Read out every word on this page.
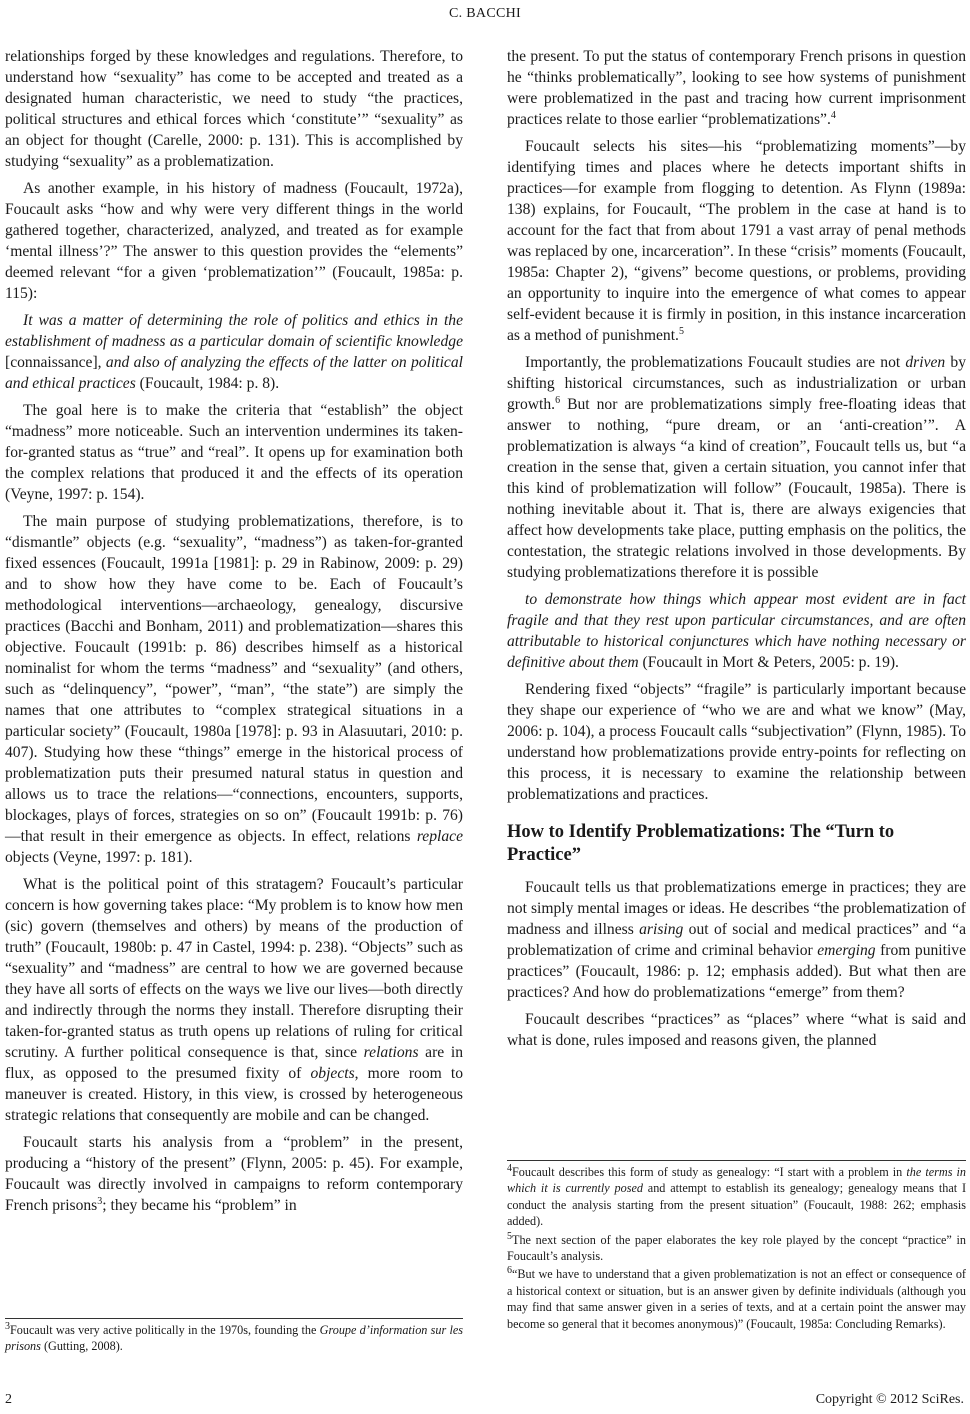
C. BACCHI

relationships forged by these knowledges and regulations. Therefore, to understand how “sexuality” has come to be accepted and treated as a designated human characteristic, we need to study “the practices, political structures and ethical forces which ‘constitute’” “sexuality” as an object for thought (Carelle, 2000: p. 131). This is accomplished by studying “sexuality” as a problematization.

As another example, in his history of madness (Foucault, 1972a), Foucault asks “how and why were very different things in the world gathered together, characterized, analyzed, and treated as for example ‘mental illness’?” The answer to this question provides the “elements” deemed relevant “for a given ‘problematization’” (Foucault, 1985a: p. 115):

It was a matter of determining the role of politics and ethics in the establishment of madness as a particular domain of scientific knowledge [connaissance], and also of analyzing the effects of the latter on political and ethical practices (Foucault, 1984: p. 8).

The goal here is to make the criteria that “establish” the object “madness” more noticeable. Such an intervention undermines its taken-for-granted status as “true” and “real”. It opens up for examination both the complex relations that produced it and the effects of its operation (Veyne, 1997: p. 154).

The main purpose of studying problematizations, therefore, is to “dismantle” objects (e.g. “sexuality”, “madness”) as taken-for-granted fixed essences (Foucault, 1991a [1981]: p. 29 in Rabinow, 2009: p. 29) and to show how they have come to be. Each of Foucault’s methodological interventions—archaeology, genealogy, discursive practices (Bacchi and Bonham, 2011) and problematization—shares this objective. Foucault (1991b: p. 86) describes himself as a historical nominalist for whom the terms “madness” and “sexuality” (and others, such as “delinquency”, “power”, “man”, “the state”) are simply the names that one attributes to “complex strategical situations in a particular society” (Foucault, 1980a [1978]: p. 93 in Alasuutari, 2010: p. 407). Studying how these “things” emerge in the historical process of problematization puts their presumed natural status in question and allows us to trace the relations—“connections, encounters, supports, blockages, plays of forces, strategies on so on” (Foucault 1991b: p. 76)—that result in their emergence as objects. In effect, relations replace objects (Veyne, 1997: p. 181).

What is the political point of this stratagem? Foucault’s particular concern is how governing takes place: “My problem is to know how men (sic) govern (themselves and others) by means of the production of truth” (Foucault, 1980b: p. 47 in Castel, 1994: p. 238). “Objects” such as “sexuality” and “madness” are central to how we are governed because they have all sorts of effects on the ways we live our lives—both directly and indirectly through the norms they install. Therefore disrupting their taken-for-granted status as truth opens up relations of ruling for critical scrutiny. A further political consequence is that, since relations are in flux, as opposed to the presumed fixity of objects, more room to maneuver is created. History, in this view, is crossed by heterogeneous strategic relations that consequently are mobile and can be changed.

Foucault starts his analysis from a “problem” in the present, producing a “history of the present” (Flynn, 2005: p. 45). For example, Foucault was directly involved in campaigns to reform contemporary French prisons$^3$; they became his “problem” in

$^3$Foucault was very active politically in the 1970s, founding the Groupe d’information sur les prisons (Gutting, 2008).

the present. To put the status of contemporary French prisons in question he “thinks problematically”, looking to see how systems of punishment were problematized in the past and tracing how current imprisonment practices relate to those earlier “problematizations”.$^4$

Foucault selects his sites—his “problematizing moments”—by identifying times and places where he detects important shifts in practices—for example from flogging to detention. As Flynn (1989a: 138) explains, for Foucault, “The problem in the case at hand is to account for the fact that from about 1791 a vast array of penal methods was replaced by one, incarceration”. In these “crisis” moments (Foucault, 1985a: Chapter 2), “givens” become questions, or problems, providing an opportunity to inquire into the emergence of what comes to appear self-evident because it is firmly in position, in this instance incarceration as a method of punishment.$^5$

Importantly, the problematizations Foucault studies are not driven by shifting historical circumstances, such as industrialization or urban growth.$^6$ But nor are problematizations simply free-floating ideas that answer to nothing, “pure dream, or an ‘anti-creation’”. A problematization is always “a kind of creation”, Foucault tells us, but “a creation in the sense that, given a certain situation, you cannot infer that this kind of problematization will follow” (Foucault, 1985a). There is nothing inevitable about it. That is, there are always exigencies that affect how developments take place, putting emphasis on the politics, the contestation, the strategic relations involved in those developments. By studying problematizations therefore it is possible

to demonstrate how things which appear most evident are in fact fragile and that they rest upon particular circumstances, and are often attributable to historical conjunctures which have nothing necessary or definitive about them (Foucault in Mort & Peters, 2005: p. 19).

Rendering fixed “objects” “fragile” is particularly important because they shape our experience of “who we are and what we know” (May, 2006: p. 104), a process Foucault calls “subjectivation” (Flynn, 1985). To understand how problematizations provide entry-points for reflecting on this process, it is necessary to examine the relationship between problematizations and practices.

How to Identify Problematizations: The “Turn to Practice”

Foucault tells us that problematizations emerge in practices; they are not simply mental images or ideas. He describes “the problematization of madness and illness arising out of social and medical practices” and “a problematization of crime and criminal behavior emerging from punitive practices” (Foucault, 1986: p. 12; emphasis added). But what then are practices? And how do problematizations “emerge” from them?

Foucault describes “practices” as “places” where “what is said and what is done, rules imposed and reasons given, the planned

$^4$Foucault describes this form of study as genealogy: “I start with a problem in the terms in which it is currently posed and attempt to establish its genealogy; genealogy means that I conduct the analysis starting from the present situation” (Foucault, 1988: 262; emphasis added).

$^5$The next section of the paper elaborates the key role played by the concept “practice” in Foucault’s analysis.

$^6$“But we have to understand that a given problematization is not an effect or consequence of a historical context or situation, but is an answer given by definite individuals (although you may find that same answer given in a series of texts, and at a certain point the answer may become so general that it becomes anonymous)” (Foucault, 1985a: Concluding Remarks).

2	Copyright © 2012 SciRes.
